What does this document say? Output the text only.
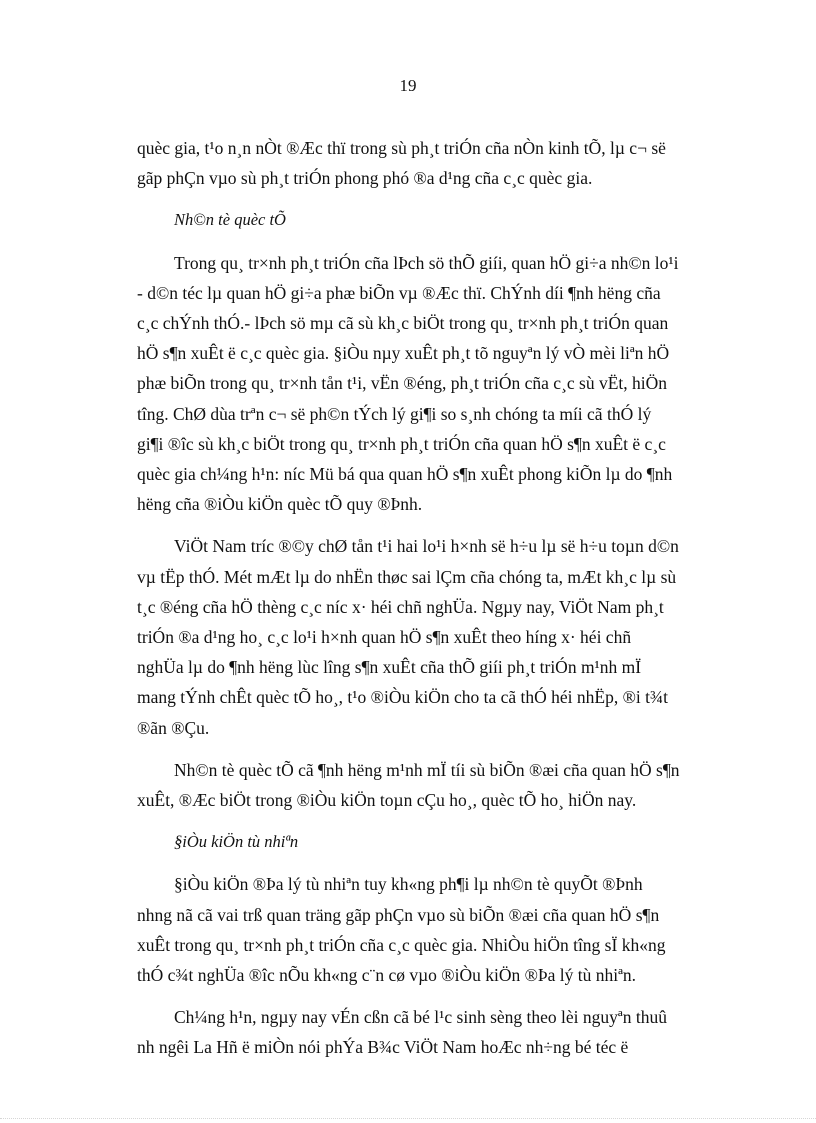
19

quèc gia, t¹o n¸n nÒt ®Æc thï trong sù ph¸t triÓn cña nÒn kinh tÕ, lµ c¬ së
gãp phÇn vµo sù ph¸t triÓn phong phó ®a d¹ng cña c¸c quèc gia.

Nh©n tè quèc tÕ

Trong qu¸ tr×nh ph¸t triÓn cña lÞch sö thÕ giíi, quan hÖ gi÷a nh©n lo¹i
- d©n téc lµ quan hÖ gi÷a phæ biÕn vµ ®Æc thï. ChÝnh díi ¶nh hëng cña
c¸c chÝnh thÓ.- lÞch sö mµ cã sù kh¸c biÖt trong qu¸ tr×nh ph¸t triÓn quan
hÖ s¶n xuÊt ë c¸c quèc gia. §iÒu nµy xuÊt ph¸t tõ nguyªn lý vÒ mèi liªn hÖ
phæ biÕn trong qu¸ tr×nh tån t¹i, vËn ®éng, ph¸t triÓn cña c¸c sù vËt, hiÖn
tîng. ChØ dùa trªn c¬ së ph©n tÝch lý gi¶i so s¸nh chóng ta míi cã thÓ lý
gi¶i ®îc sù kh¸c biÖt trong qu¸ tr×nh ph¸t triÓn cña quan hÖ s¶n xuÊt ë c¸c
quèc gia ch¼ng h¹n: níc Mü bá qua quan hÖ s¶n xuÊt phong kiÕn lµ do ¶nh
hëng cña ®iÒu kiÖn quèc tÕ quy ®Þnh.

ViÖt Nam tríc ®©y chØ tån t¹i hai lo¹i h×nh së h÷u lµ së h÷u toµn d©n
vµ tËp thÓ. Mét mÆt lµ do nhËn thøc sai lÇm cña chóng ta, mÆt kh¸c lµ sù
t¸c ®éng cña hÖ thèng c¸c níc x· héi chñ nghÜa. Ngµy nay, ViÖt Nam ph¸t
triÓn ®a d¹ng ho¸ c¸c lo¹i h×nh quan hÖ s¶n xuÊt theo híng x· héi chñ
nghÜa lµ do ¶nh hëng lùc lîng s¶n xuÊt cña thÕ giíi ph¸t triÓn m¹nh mÏ
mang tÝnh chÊt quèc tÕ ho¸, t¹o ®iÒu kiÖn cho ta cã thÓ héi nhËp, ®i t¾t
®ãn ®Çu.

Nh©n tè quèc tÕ cã ¶nh hëng m¹nh mÏ tíi sù biÕn ®æi cña quan hÖ s¶n
xuÊt, ®Æc biÖt trong ®iÒu kiÖn toµn cÇu ho¸, quèc tÕ ho¸ hiÖn nay.

§iÒu kiÖn tù nhiªn

§iÒu kiÖn ®Þa lý tù nhiªn tuy kh«ng ph¶i lµ nh©n tè quyÕt ®Þnh
nhng nã cã vai trß quan träng gãp phÇn vµo sù biÕn ®æi cña quan hÖ s¶n
xuÊt trong qu¸ tr×nh ph¸t triÓn cña c¸c quèc gia. NhiÒu hiÖn tîng sÏ kh«ng
thÓ c¾t nghÜa ®îc nÕu kh«ng c¨n cø vµo ®iÒu kiÖn ®Þa lý tù nhiªn.

Ch¼ng h¹n, ngµy nay vÉn cßn cã bé l¹c sinh sèng theo lèi nguyªn thuû
nh ngêi La Hñ ë miÒn nói phÝa B¾c ViÖt Nam hoÆc nh÷ng bé téc ë
